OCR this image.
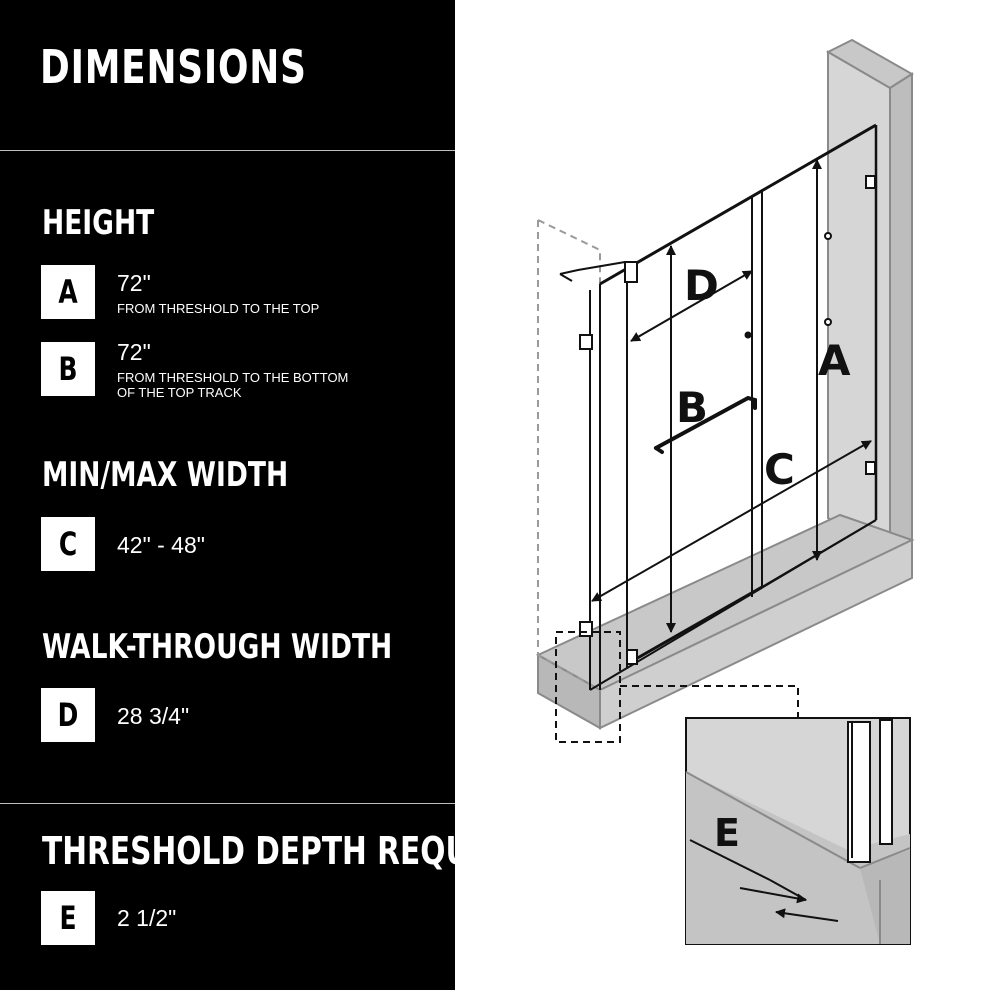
DIMENSIONS
HEIGHT
A	72"
FROM THRESHOLD TO THE TOP
B	72"
FROM THRESHOLD TO THE BOTTOM OF THE TOP TRACK
MIN/MAX WIDTH
C	42" - 48"
WALK-THROUGH WIDTH
D	28 3/4"
THRESHOLD DEPTH REQUIRED
E	2 1/2"
D
B
A
C
E
